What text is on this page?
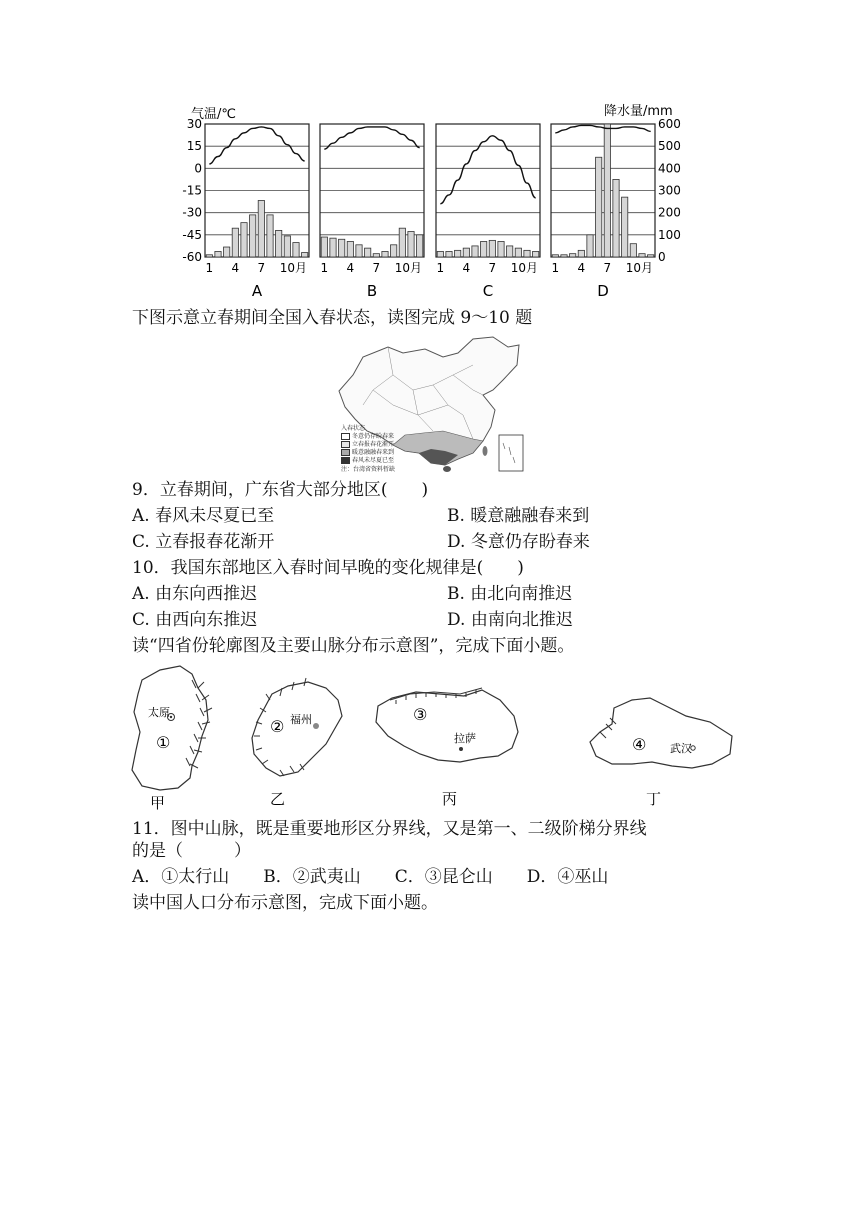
气温/℃	降水量/mm
30
15
0
-15
-30
-45
-60
600
500
400
300
200
100
0
1 4 7 10 月
A
1 4 7 10 月
B
1 4 7 10 月
C
1 4 7 10 月
D
下图示意立春期间全国入春状态，读图完成 9～10 题
入春状态
冬意仍存盼春来
立春报春花渐开
暖意融融春来到
春风未尽夏已至
注：台湾省资料暂缺
9．立春期间，广东省大部分地区(　　)
A. 春风未尽夏已至	B. 暖意融融春来到
C. 立春报春花渐开	D. 冬意仍存盼春来
10．我国东部地区入春时间早晚的变化规律是(　　)
A. 由东向西推迟	B. 由北向南推迟
C. 由西向东推迟	D. 由南向北推迟
读“四省份轮廓图及主要山脉分布示意图”，完成下面小题。
太原
①
甲
② 福州
乙
③
拉萨
丙
④ 武汉
丁
11．图中山脉，既是重要地形区分界线，又是第一、二级阶梯分界线
的是（　　　）
A．①太行山　　B．②武夷山　　C．③昆仑山　　D．④巫山
读中国人口分布示意图，完成下面小题。
